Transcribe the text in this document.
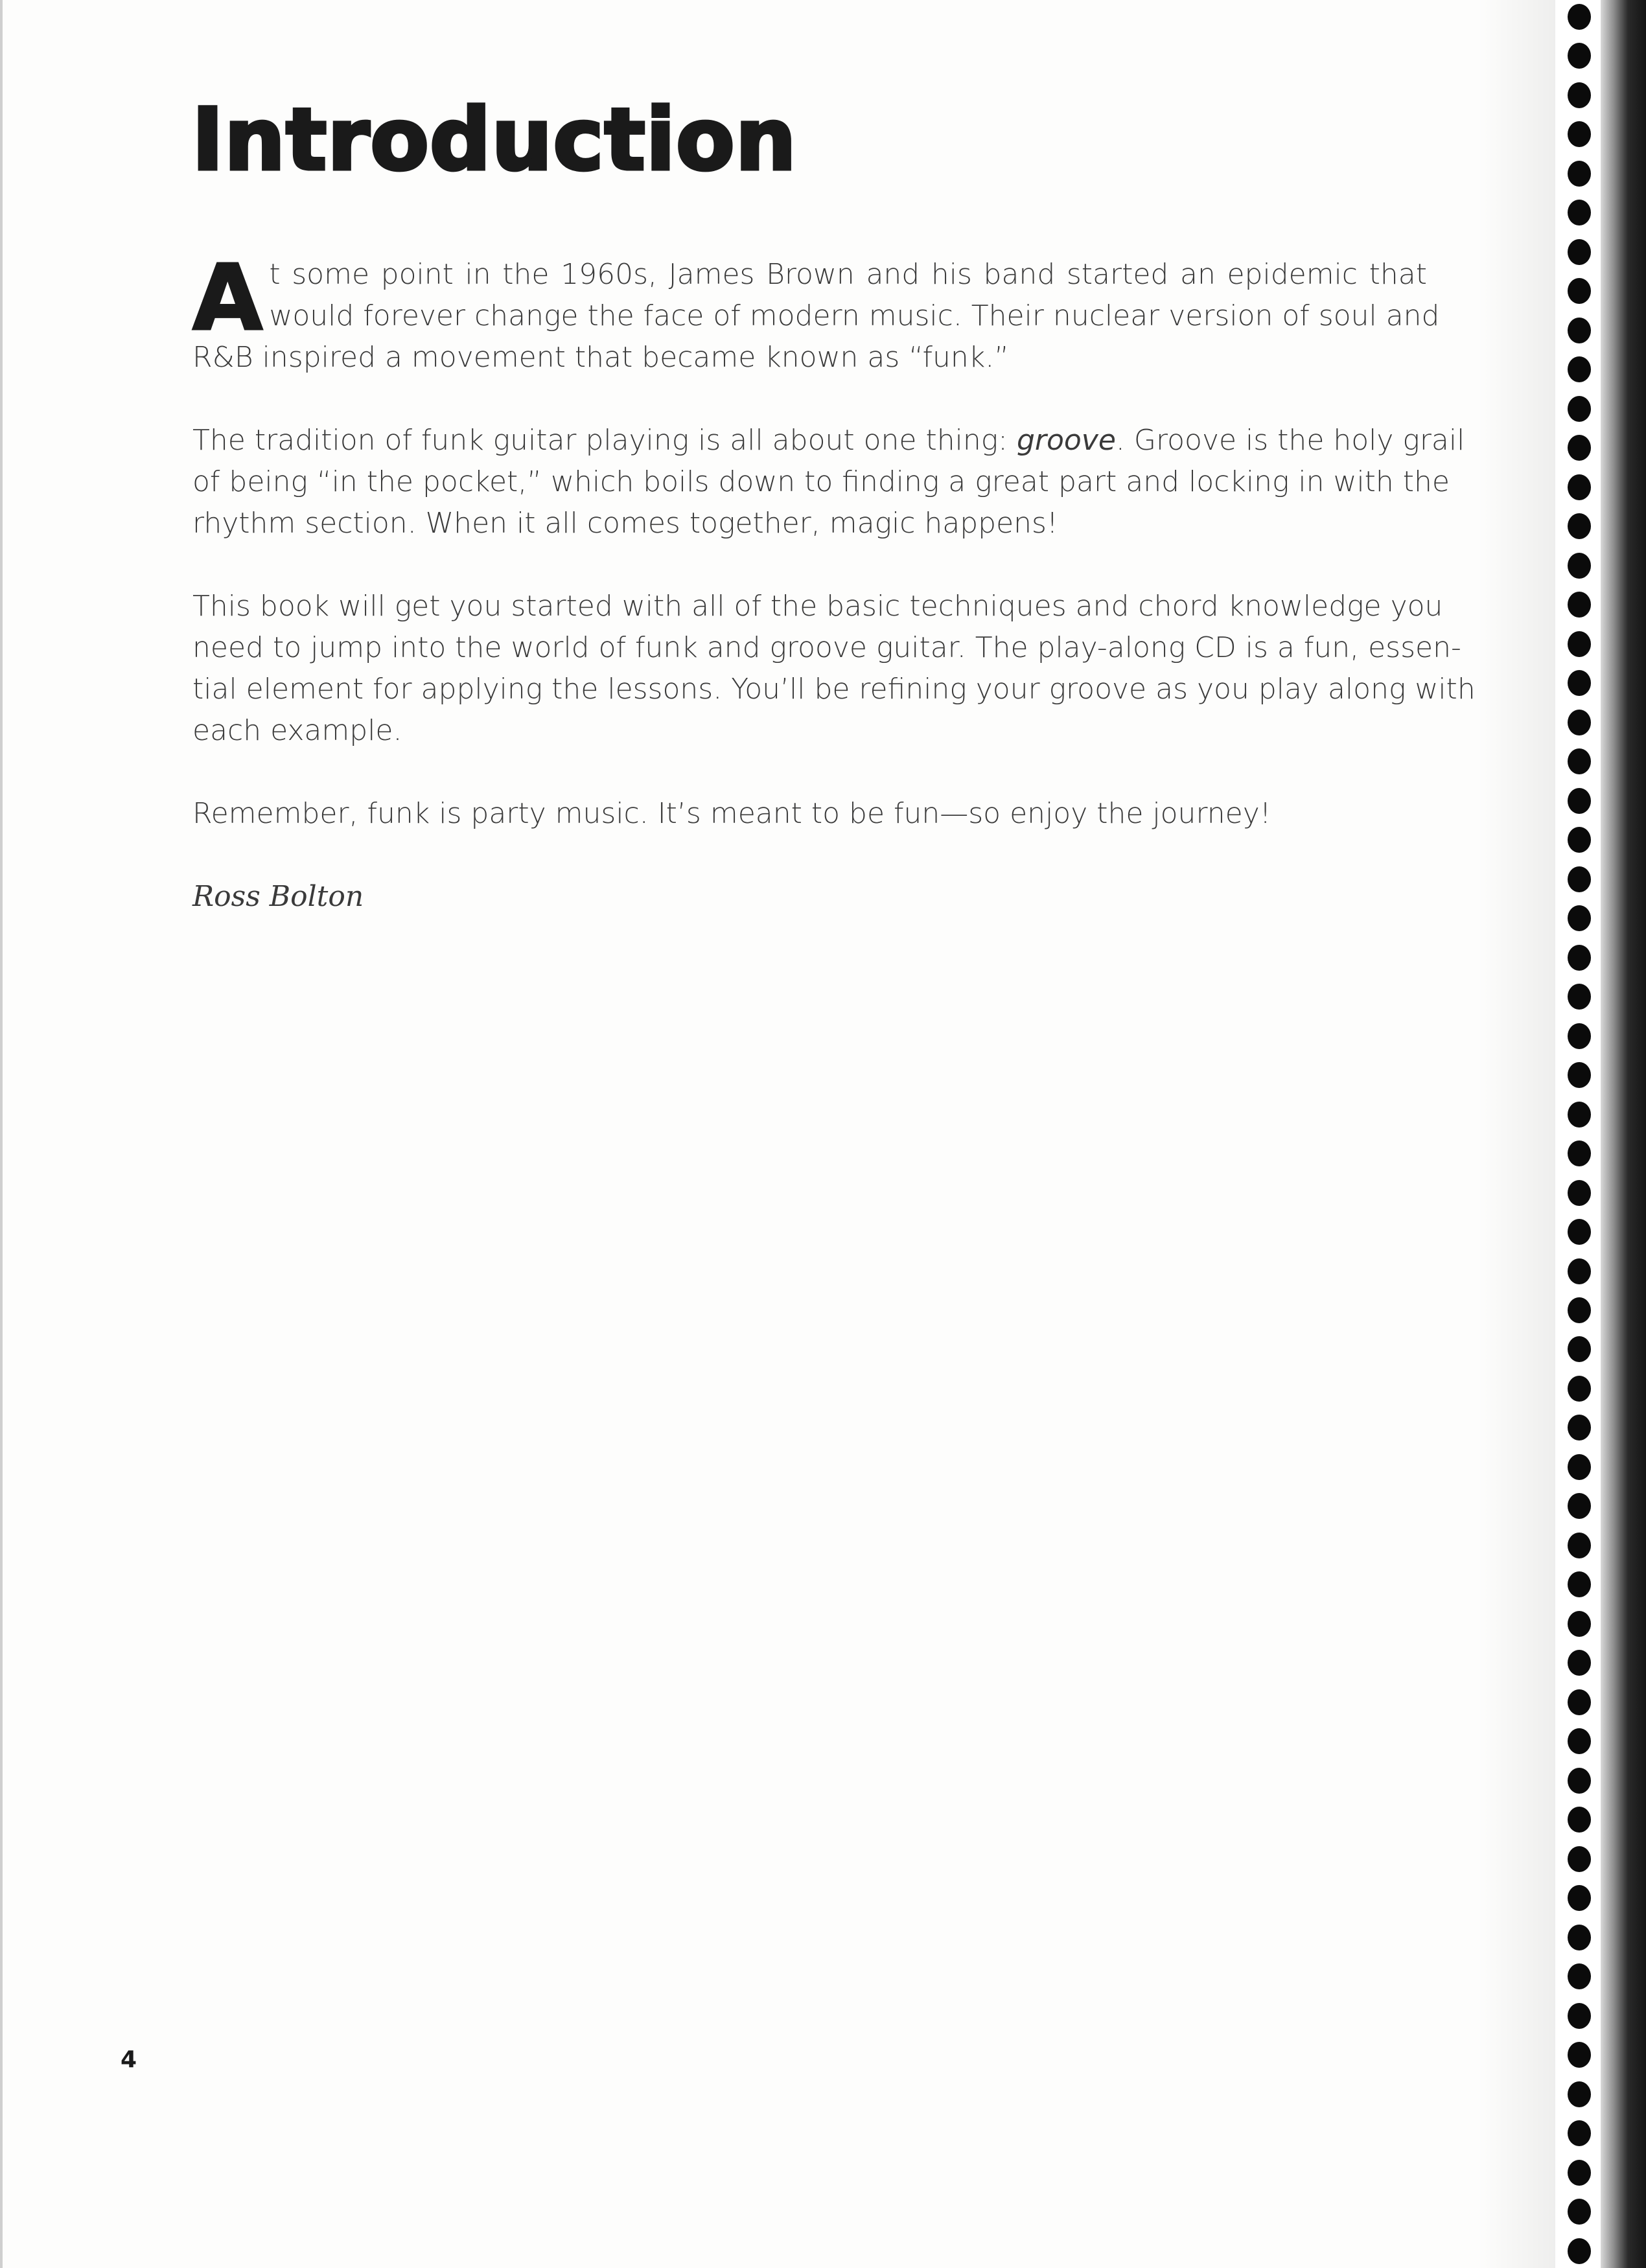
Introduction
A t some point in the 1960s, James Brown and his band started an epidemic that
would forever change the face of modern music. Their nuclear version of soul and
R&B inspired a movement that became known as “funk.”
The tradition of funk guitar playing is all about one thing: groove. Groove is the holy grail
of being “in the pocket,” which boils down to finding a great part and locking in with the
rhythm section. When it all comes together, magic happens!
This book will get you started with all of the basic techniques and chord knowledge you
need to jump into the world of funk and groove guitar. The play-along CD is a fun, essen-
tial element for applying the lessons. You’ll be refining your groove as you play along with
each example.

Remember, funk is party music. It’s meant to be fun—so enjoy the journey!

Ross Bolton

4
